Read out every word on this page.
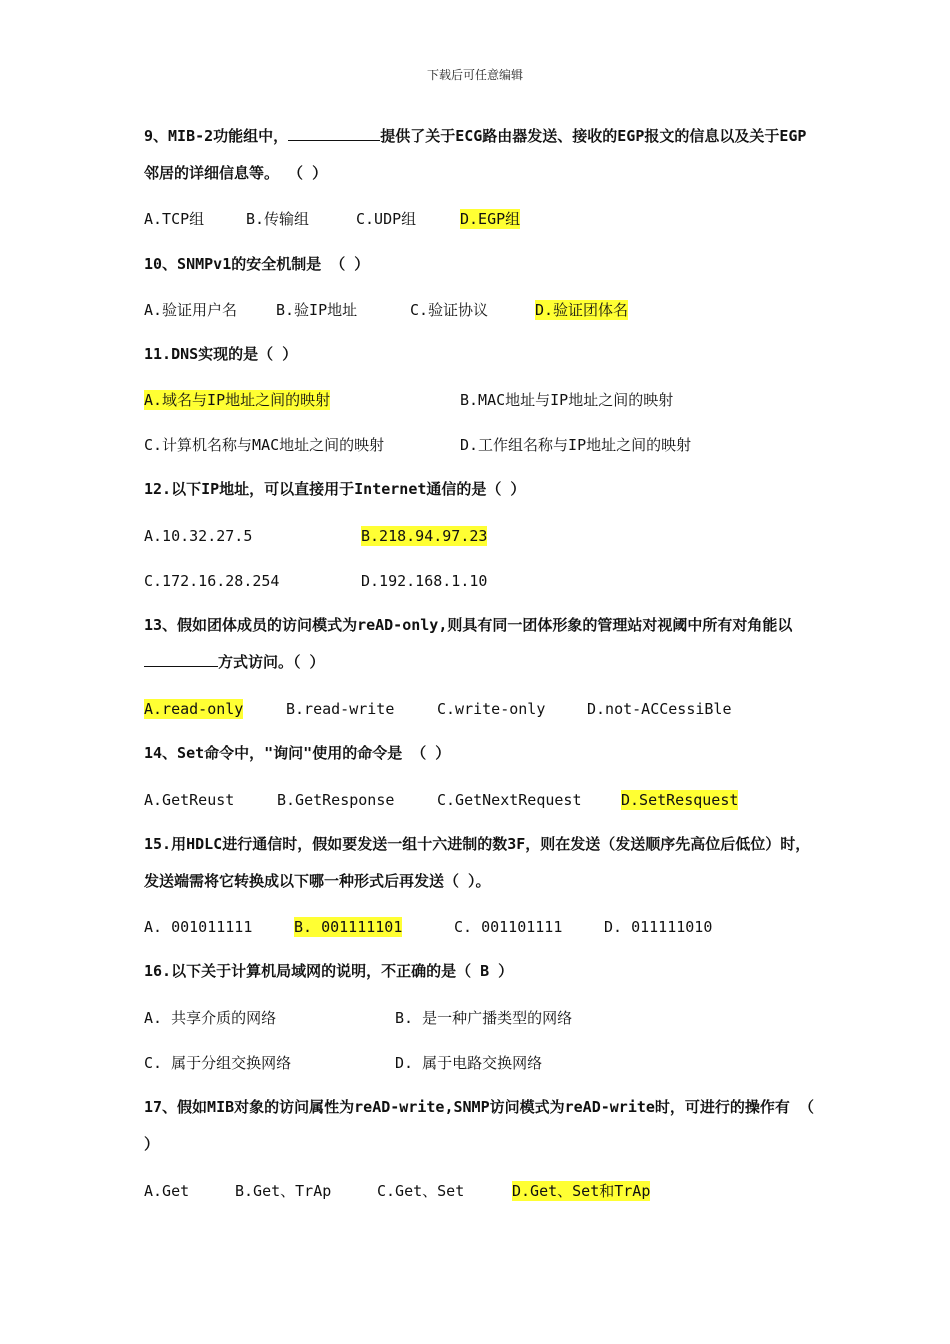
下载后可任意编辑
9、MIB-2功能组中，	提供了关于ECG路由器发送、接收的EGP报文的信息以及关于EGP邻居的详细信息等。 （ ）
A.TCP组	B.传输组	C.UDP组	D.EGP组
10、SNMPv1的安全机制是 （ ）
A.验证用户名	B.验IP地址	C.验证协议	D.验证团体名
11.DNS实现的是（ ）
A.域名与IP地址之间的映射	B.MAC地址与IP地址之间的映射
C.计算机名称与MAC地址之间的映射	D.工作组名称与IP地址之间的映射
12.以下IP地址，可以直接用于Internet通信的是（ ）
A.10.32.27.5	B.218.94.97.23
C.172.16.28.254	D.192.168.1.10
13、假如团体成员的访问模式为reAD-only,则具有同一团体形象的管理站对视阈中所有对角能以方式访问。（ ）
A.read-only	B.read-write	C.write-only	D.not-ACCessiBle
14、Set命令中，"询问"使用的命令是 （ ）
A.GetReust	B.GetResponse	C.GetNextRequest	D.SetResquest
15.用HDLC进行通信时，假如要发送一组十六进制的数3F，则在发送（发送顺序先高位后低位）时，发送端需将它转换成以下哪一种形式后再发送（ ）。
A. 001011111	B. 001111101	C. 001101111	D. 011111010
16.以下关于计算机局域网的说明，不正确的是（ B ）
A. 共享介质的网络	B. 是一种广播类型的网络
C. 属于分组交换网络	D. 属于电路交换网络
17、假如MIB对象的访问属性为reAD-write,SNMP访问模式为reAD-write时，可进行的操作有 （ ）
A.Get	B.Get、TrAp	C.Get、Set	D.Get、Set和TrAp
